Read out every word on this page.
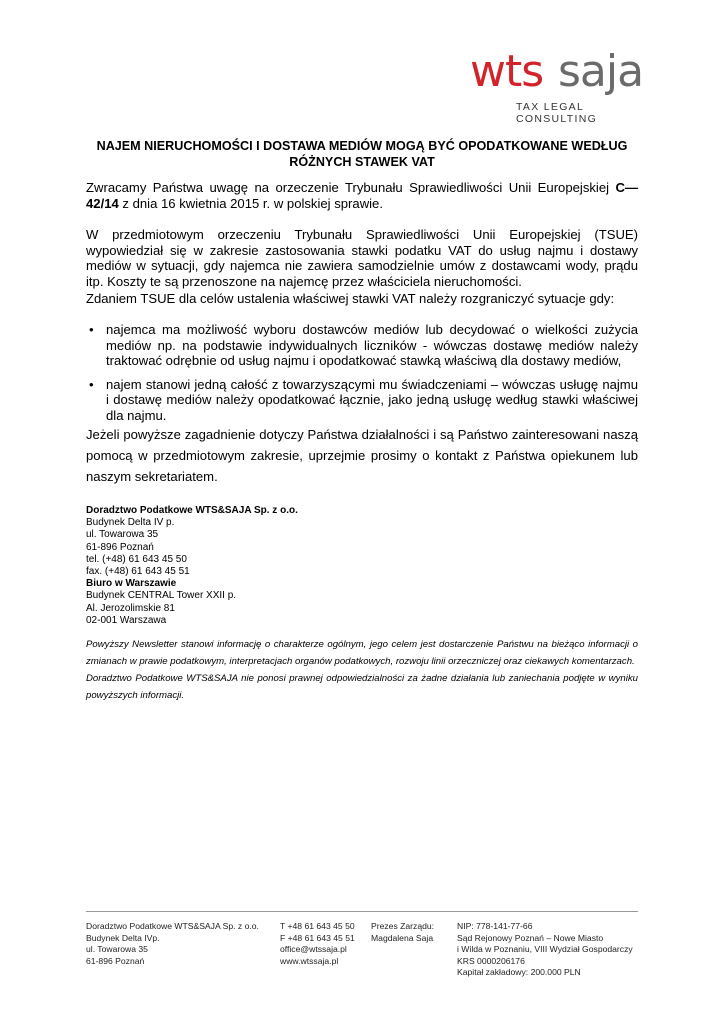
wts saja
TAX LEGAL CONSULTING
NAJEM NIERUCHOMOŚCI I DOSTAWA MEDIÓW MOGĄ BYĆ OPODATKOWANE WEDŁUG
RÓŻNYCH STAWEK VAT
Zwracamy Państwa uwagę na orzeczenie Trybunału Sprawiedliwości Unii Europejskiej C—42/14 z dnia 16 kwietnia 2015 r. w polskiej sprawie.
W przedmiotowym orzeczeniu Trybunału Sprawiedliwości Unii Europejskiej (TSUE) wypowiedział się w zakresie zastosowania stawki podatku VAT do usług najmu i dostawy mediów w sytuacji, gdy najemca nie zawiera samodzielnie umów z dostawcami wody, prądu itp. Koszty te są przenoszone na najemcę przez właściciela nieruchomości.
Zdaniem TSUE dla celów ustalenia właściwej stawki VAT należy rozgraniczyć sytuacje gdy:
• najemca ma możliwość wyboru dostawców mediów lub decydować o wielkości zużycia mediów np. na podstawie indywidualnych liczników - wówczas dostawę mediów należy traktować odrębnie od usług najmu i opodatkować stawką właściwą dla dostawy mediów,
• najem stanowi jedną całość z towarzyszącymi mu świadczeniami – wówczas usługę najmu i dostawę mediów należy opodatkować łącznie, jako jedną usługę według stawki właściwej dla najmu.
Jeżeli powyższe zagadnienie dotyczy Państwa działalności i są Państwo zainteresowani naszą pomocą w przedmiotowym zakresie, uprzejmie prosimy o kontakt z Państwa opiekunem lub naszym sekretariatem.
Doradztwo Podatkowe WTS&SAJA Sp. z o.o.
Budynek Delta IV p.
ul. Towarowa 35
61-896 Poznań
tel. (+48) 61 643 45 50
fax. (+48) 61 643 45 51
Biuro w Warszawie
Budynek CENTRAL Tower XXII p.
Al. Jerozolimskie 81
02-001 Warszawa
Powyższy Newsletter stanowi informację o charakterze ogólnym, jego celem jest dostarczenie Państwu na bieżąco informacji o zmianach w prawie podatkowym, interpretacjach organów podatkowych, rozwoju linii orzeczniczej oraz ciekawych komentarzach.
Doradztwo Podatkowe WTS&SAJA nie ponosi prawnej odpowiedzialności za żadne działania lub zaniechania podjęte w wyniku powyższych informacji.
Doradztwo Podatkowe WTS&SAJA Sp. z o.o.
Budynek Delta IVp.
ul. Towarowa 35
61-896 Poznań
T +48 61 643 45 50
F +48 61 643 45 51
office@wtssaja.pl
www.wtssaja.pl
Prezes Zarządu:
Magdalena Saja
NIP: 778-141-77-66
Sąd Rejonowy Poznań – Nowe Miasto
i Wilda w Poznaniu, VIII Wydział Gospodarczy
KRS 0000206176
Kapitał zakładowy: 200.000 PLN
